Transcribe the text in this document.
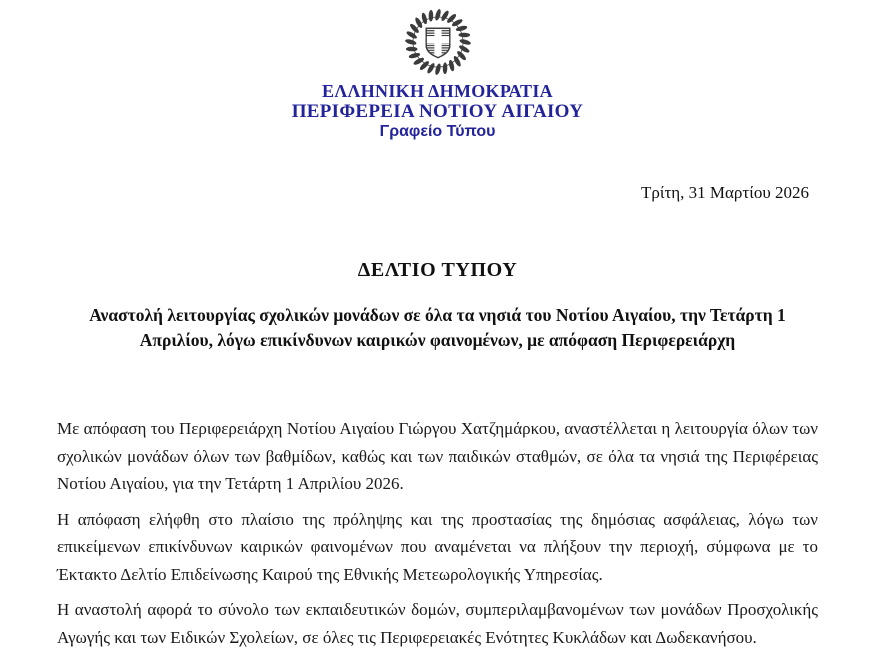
ΕΛΛΗΝΙΚΗ ΔΗΜΟΚΡΑΤΙΑ
ΠΕΡΙΦΕΡΕΙΑ ΝΟΤΙΟΥ ΑΙΓΑΙΟΥ
Γραφείο Τύπου
Τρίτη, 31 Μαρτίου 2026
ΔΕΛΤΙΟ ΤΥΠΟΥ
Αναστολή λειτουργίας σχολικών μονάδων σε όλα τα νησιά του Νοτίου Αιγαίου, την Τετάρτη 1 Απριλίου, λόγω επικίνδυνων καιρικών φαινομένων, με απόφαση Περιφερειάρχη

Με απόφαση του Περιφερειάρχη Νοτίου Αιγαίου Γιώργου Χατζημάρκου, αναστέλλεται η λειτουργία όλων των σχολικών μονάδων όλων των βαθμίδων, καθώς και των παιδικών σταθμών, σε όλα τα νησιά της Περιφέρειας Νοτίου Αιγαίου, για την Τετάρτη 1 Απριλίου 2026.

Η απόφαση ελήφθη στο πλαίσιο της πρόληψης και της προστασίας της δημόσιας ασφάλειας, λόγω των επικείμενων επικίνδυνων καιρικών φαινομένων που αναμένεται να πλήξουν την περιοχή, σύμφωνα με το Έκτακτο Δελτίο Επιδείνωσης Καιρού της Εθνικής Μετεωρολογικής Υπηρεσίας.

Η αναστολή αφορά το σύνολο των εκπαιδευτικών δομών, συμπεριλαμβανομένων των μονάδων Προσχολικής Αγωγής και των Ειδικών Σχολείων, σε όλες τις Περιφερειακές Ενότητες Κυκλάδων και Δωδεκανήσου.
